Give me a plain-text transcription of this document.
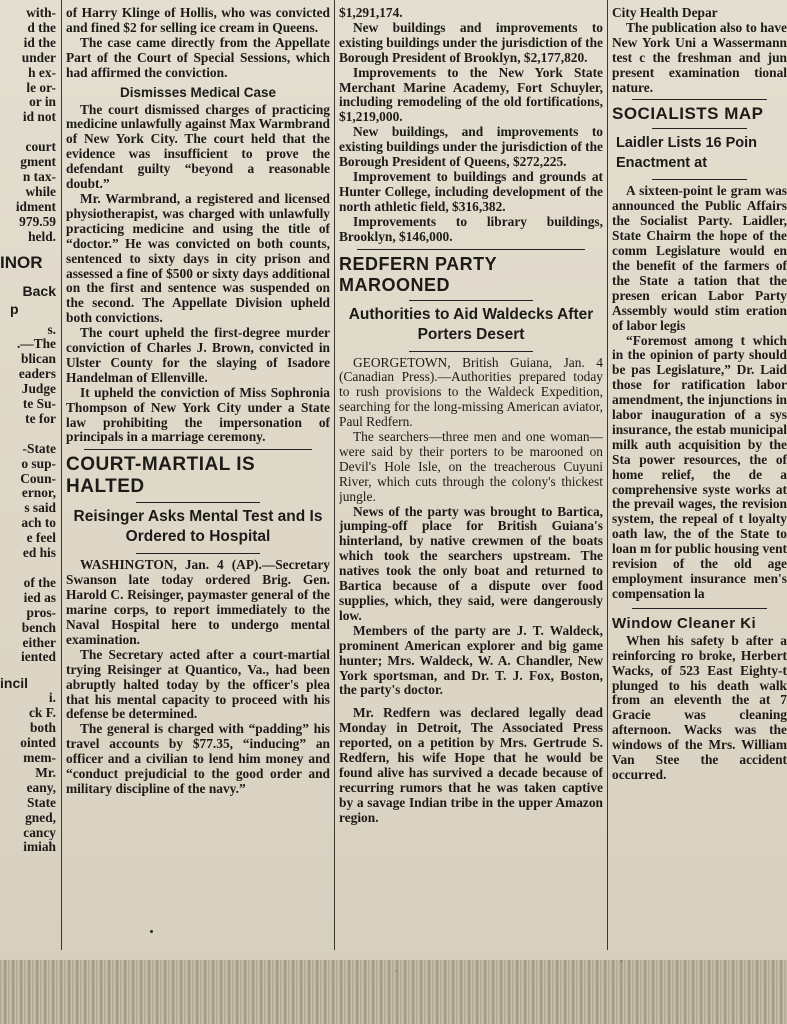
with-
d the
id the
under
h ex-
le or-
or in
id not

court
gment
n tax-
while
idment
979.59
held.
INOR
Back
p
s.
.—The
blican
eaders
Judge
te Su-
te for

-State
o sup-
Coun-
ernor,
s said
ach to
e feel
ed his

of the
ied as
pros-
bench
either
iented
incil
i.
ck F.
both
ointed
mem-
Mr.
eany,
State
gned,
cancy
imiah

of Harry Klinge of Hollis, who was convicted and fined $2 for selling ice cream in Queens.

The case came directly from the Appellate Part of the Court of Special Sessions, which had affirmed the conviction.

Dismisses Medical Case

The court dismissed charges of practicing medicine unlawfully against Max Warmbrand of New York City. The court held that the evidence was insufficient to prove the defendant guilty “beyond a reasonable doubt.”

Mr. Warmbrand, a registered and licensed physiotherapist, was charged with unlawfully practicing medicine and using the title of “doctor.” He was convicted on both counts, sentenced to sixty days in city prison and assessed a fine of $500 or sixty days additional on the first and sentence was suspended on the second. The Appellate Division upheld both convictions.

The court upheld the first-degree murder conviction of Charles J. Brown, convicted in Ulster County for the slaying of Isadore Handelman of Ellenville.

It upheld the conviction of Miss Sophronia Thompson of New York City under a State law prohibiting the impersonation of principals in a marriage ceremony.

COURT-MARTIAL IS HALTED
Reisinger Asks Mental Test and Is Ordered to Hospital

WASHINGTON, Jan. 4 (AP).—Secretary Swanson late today ordered Brig. Gen. Harold C. Reisinger, paymaster general of the marine corps, to report immediately to the Naval Hospital here to undergo mental examination.

The Secretary acted after a court-martial trying Reisinger at Quantico, Va., had been abruptly halted today by the officer's plea that his mental capacity to proceed with his defense be determined.

The general is charged with “padding” his travel accounts by $77.35, “inducing” an officer and a civilian to lend him money and “conduct prejudicial to the good order and military discipline of the navy.”

$1,291,174.

New buildings and improvements to existing buildings under the jurisdiction of the Borough President of Brooklyn, $2,177,820.

Improvements to the New York State Merchant Marine Academy, Fort Schuyler, including remodeling of the old fortifications, $1,219,000.

New buildings, and improvements to existing buildings under the jurisdiction of the Borough President of Queens, $272,225.

Improvement to buildings and grounds at Hunter College, including development of the north athletic field, $316,382.

Improvements to library buildings, Brooklyn, $146,000.

REDFERN PARTY MAROONED
Authorities to Aid Waldecks After Porters Desert

GEORGETOWN, British Guiana, Jan. 4 (Canadian Press).—Authorities prepared today to rush provisions to the Waldeck Expedition, searching for the long-missing American aviator, Paul Redfern.

The searchers—three men and one woman—were said by their porters to be marooned on Devil's Hole Isle, on the treacherous Cuyuni River, which cuts through the colony's thickest jungle.

News of the party was brought to Bartica, jumping-off place for British Guiana's hinterland, by native crewmen of the boats which took the searchers upstream. The natives took the only boat and returned to Bartica because of a dispute over food supplies, which, they said, were dangerously low.

Members of the party are J. T. Waldeck, prominent American explorer and big game hunter; Mrs. Waldeck, W. A. Chandler, New York sportsman, and Dr. T. J. Fox, Boston, the party's doctor.

Mr. Redfern was declared legally dead Monday in Detroit, The Associated Press reported, on a petition by Mrs. Gertrude S. Redfern, his wife Hope that he would be found alive has survived a decade because of recurring rumors that he was taken captive by a savage Indian tribe in the upper Amazon region.

City Health Depar

The publication also to have New York Uni a Wassermann test c the freshman and jun present examination tional nature.

SOCIALISTS MAP
Laidler Lists 16 Poin Enactment at

A sixteen-point le gram was announced the Public Affairs the Socialist Party. Laidler, State Chairm the hope of the comm Legislature would en the benefit of the farmers of the State a tation that the presen erican Labor Party Assembly would stim eration of labor legis

“Foremost among t which in the opinion of party should be pas Legislature,” Dr. Laid those for ratification labor amendment, the injunctions in labor inauguration of a sys insurance, the estab municipal milk auth acquisition by the Sta power resources, the of home relief, the de a comprehensive syste works at the prevail wages, the revision system, the repeal of t loyalty oath law, the of the State to loan m for public housing vent revision of the old age employment insurance men's compensation la

Window Cleaner Ki

When his safety b after a reinforcing ro broke, Herbert Wacks, of 523 East Eighty-t plunged to his death walk from an eleventh the at 7 Gracie was cleaning afternoon. Wacks was the windows of the Mrs. William Van Stee the accident occurred.
